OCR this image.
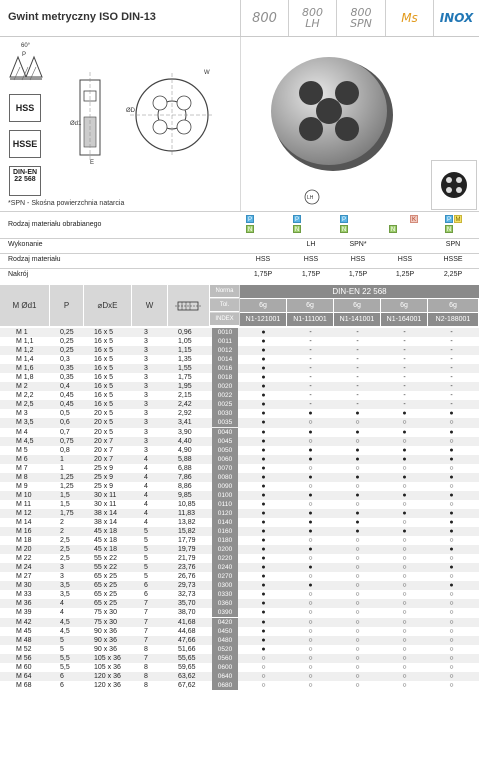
Gwint metryczny ISO DIN-13	800 800
LH
800
SPN Ms INOX
60°
P
Ød1
E
ØD
W
HSS
HSSE
DIN-EN 22 568
*SPN - Skośna powierzchnia natarcia
LH
Rodzaj materiału obrabianego
P
N
P
N
P
N
K
N
P M
N
Wykonanie	LH	SPN*	SPN
Rodzaj materiału	HSS	HSS	HSS	HSS	HSSE
Nakrój	1,75P	1,75P	1,75P	1,25P	2,25P
M Ød1	P	⌀DxE	W
Norma
Tol.
INDEX
DIN-EN 22 568
6g	6g	6g	6g	6g
N1-121001	N1-111001	N1-141001	N1-164001	N2-188001
M 1	0,25	16 x 5	3	0,96	0010	●	-	-	-	-
M 1,1	0,25	16 x 5	3	1,05	0011	●	-	-	-	-
M 1,2	0,25	16 x 5	3	1,15	0012	●	-	-	-	-
M 1,4	0,3	16 x 5	3	1,35	0014	●	-	-	-	-
M 1,6	0,35	16 x 5	3	1,55	0016	●	-	-	-	-
M 1,8	0,35	16 x 5	3	1,75	0018	●	-	-	-	-
M 2	0,4	16 x 5	3	1,95	0020	●	-	-	-	-
M 2,2	0,45	16 x 5	3	2,15	0022	●	-	-	-	-
M 2,5	0,45	16 x 5	3	2,42	0025	●	-	-	-	-
M 3	0,5	20 x 5	3	2,92	0030	●	●	●	●	●
M 3,5	0,6	20 x 5	3	3,41	0035	●	○	○	○	○
M 4	0,7	20 x 5	3	3,90	0040	●	●	●	●	●
M 4,5	0,75	20 x 7	3	4,40	0045	●	○	○	○	○
M 5	0,8	20 x 7	3	4,90	0050	●	●	●	●	●
M 6	1	20 x 7	4	5,88	0060	●	●	●	●	●
M 7	1	25 x 9	4	6,88	0070	●	○	○	○	○
M 8	1,25	25 x 9	4	7,86	0080	●	●	●	●	●
M 9	1,25	25 x 9	4	8,86	0090	●	○	○	○	○
M 10	1,5	30 x 11	4	9,85	0100	●	●	●	●	●
M 11	1,5	30 x 11	4	10,85	0110	●	○	○	○	○
M 12	1,75	38 x 14	4	11,83	0120	●	●	●	●	●
M 14	2	38 x 14	4	13,82	0140	●	●	●	○	●
M 16	2	45 x 18	5	15,82	0160	●	●	●	●	●
M 18	2,5	45 x 18	5	17,79	0180	●	○	○	○	○
M 20	2,5	45 x 18	5	19,79	0200	●	●	○	○	●
M 22	2,5	55 x 22	5	21,79	0220	●	○	○	○	○
M 24	3	55 x 22	5	23,76	0240	●	●	○	○	●
M 27	3	65 x 25	5	26,76	0270	●	○	○	○	○
M 30	3,5	65 x 25	6	29,73	0300	●	●	○	○	●
M 33	3,5	65 x 25	6	32,73	0330	●	○	○	○	○
M 36	4	65 x 25	7	35,70	0360	●	○	○	○	○
M 39	4	75 x 30	7	38,70	0390	●	○	○	○	○
M 42	4,5	75 x 30	7	41,68	0420	●	○	○	○	○
M 45	4,5	90 x 36	7	44,68	0450	●	○	○	○	○
M 48	5	90 x 36	7	47,66	0480	●	○	○	○	○
M 52	5	90 x 36	8	51,66	0520	●	○	○	○	○
M 56	5,5	105 x 36	7	55,65	0560	○	○	○	○	○
M 60	5,5	105 x 36	8	59,65	0600	○	○	○	○	○
M 64	6	120 x 36	8	63,62	0640	○	○	○	○	○
M 68	6	120 x 36	8	67,62	0680	○	○	○	○	○
